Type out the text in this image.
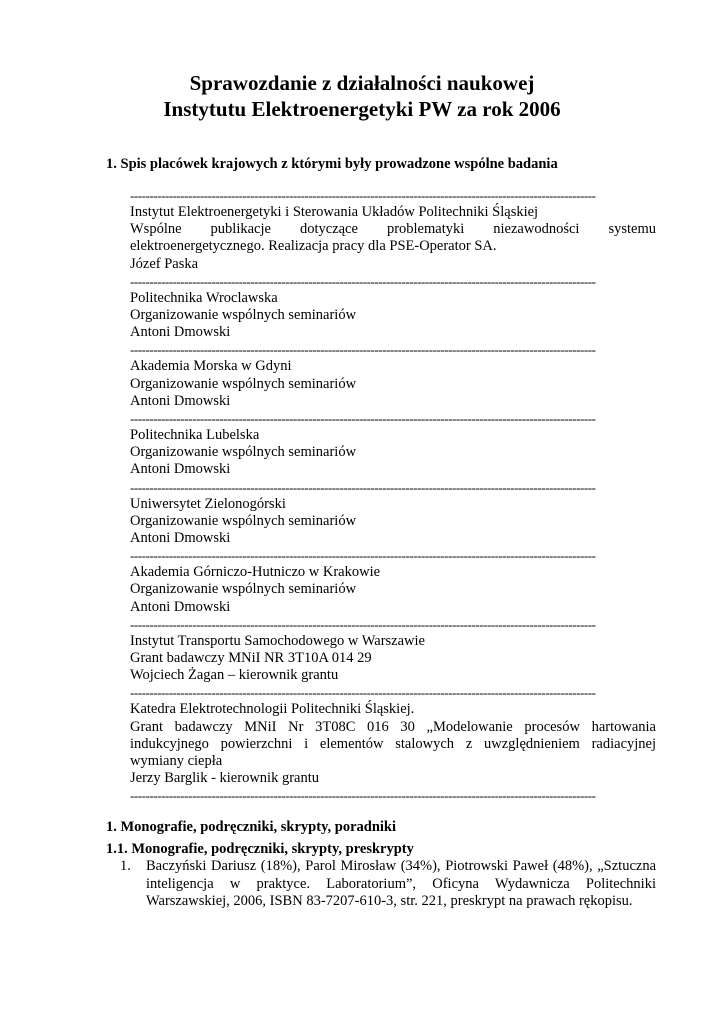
Sprawozdanie z działalności naukowej
Instytutu Elektroenergetyki PW za rok 2006
1. Spis placówek krajowych z którymi były prowadzone wspólne badania
------------------------------------------------------------------------------------------------------------------------
Instytut Elektroenergetyki i Sterowania Układów Politechniki Śląskiej
Wspólne publikacje dotyczące problematyki niezawodności systemu
elektroenergetycznego. Realizacja pracy dla PSE-Operator SA.
Józef Paska
------------------------------------------------------------------------------------------------------------------------
Politechnika Wroclawska
Organizowanie wspólnych seminariów
Antoni Dmowski
------------------------------------------------------------------------------------------------------------------------
Akademia Morska w Gdyni
Organizowanie wspólnych seminariów
Antoni Dmowski
------------------------------------------------------------------------------------------------------------------------
Politechnika Lubelska
Organizowanie wspólnych seminariów
Antoni Dmowski
------------------------------------------------------------------------------------------------------------------------
Uniwersytet Zielonogórski
Organizowanie wspólnych seminariów
Antoni Dmowski
------------------------------------------------------------------------------------------------------------------------
Akademia Górniczo-Hutniczo w Krakowie
Organizowanie wspólnych seminariów
Antoni Dmowski
------------------------------------------------------------------------------------------------------------------------
Instytut Transportu Samochodowego w Warszawie
Grant badawczy MNiI NR 3T10A 014 29
Wojciech Żagan – kierownik grantu
------------------------------------------------------------------------------------------------------------------------
Katedra Elektrotechnologii Politechniki Śląskiej.
Grant badawczy MNiI Nr 3T08C 016 30 „Modelowanie procesów hartowania indukcyjnego powierzchni i elementów stalowych z uwzględnieniem radiacyjnej wymiany ciepła
Jerzy Barglik - kierownik grantu
------------------------------------------------------------------------------------------------------------------------
1. Monografie, podręczniki, skrypty, poradniki
1.1. Monografie, podręczniki, skrypty, preskrypty
1.	Baczyński Dariusz (18%), Parol Mirosław (34%), Piotrowski Paweł (48%), „Sztuczna inteligencja w praktyce. Laboratorium”, Oficyna Wydawnicza Politechniki Warszawskiej, 2006, ISBN 83-7207-610-3, str. 221, preskrypt na prawach rękopisu.
